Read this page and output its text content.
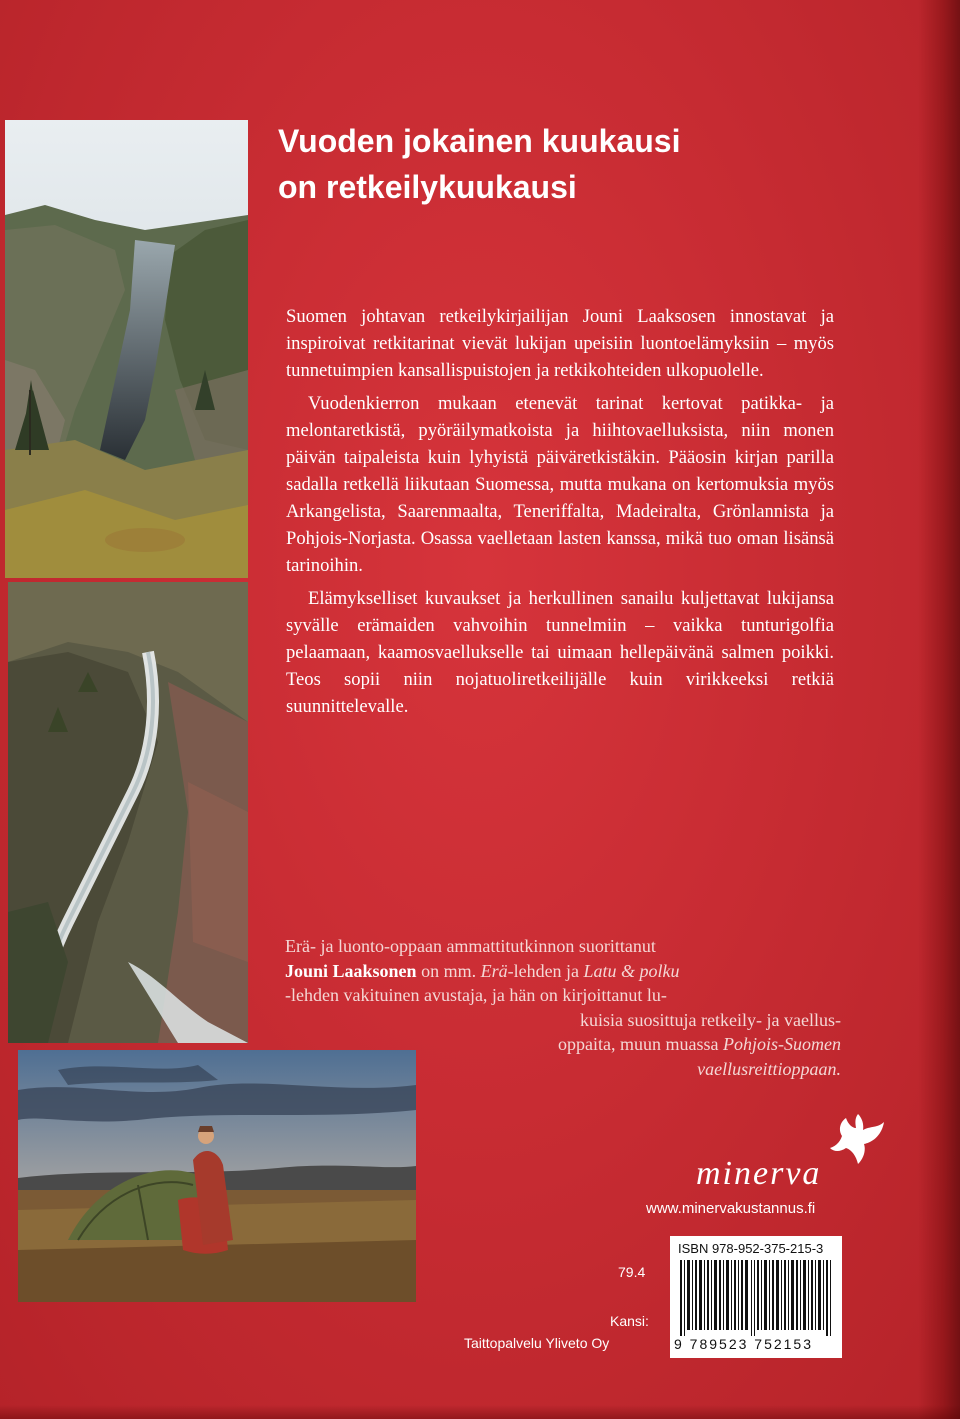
Vuoden jokainen kuukausi
on retkeilykuukausi

Suomen johtavan retkeilykirjailijan Jouni Laaksosen innostavat ja inspiroivat retkitarinat vievät lukijan upeisiin luontoelämyksiin – myös tunnetuimpien kansallispuistojen ja retkikohteiden ulkopuolelle.

Vuodenkierron mukaan etenevät tarinat kertovat patikka- ja melontaretkistä, pyöräilymatkoista ja hiihtovaelluksista, niin monen päivän taipaleista kuin lyhyistä päiväretkistäkin. Pääosin kirjan parilla sadalla retkellä liikutaan Suomessa, mutta mukana on kertomuksia myös Arkangelista, Saarenmaalta, Teneriffalta, Madeiralta, Grönlannista ja Pohjois-Norjasta. Osassa vaelletaan lasten kanssa, mikä tuo oman lisänsä tarinoihin.

Elämykselliset kuvaukset ja herkullinen sanailu kuljettavat lukijansa syvälle erämaiden vahvoihin tunnelmiin – vaikka tunturigolfia pelaamaan, kaamosvaellukselle tai uimaan hellepäivänä salmen poikki. Teos sopii niin nojatuoliretkeilijälle kuin virikkeeksi retkiä suunnittelevalle.

Erä- ja luonto-oppaan ammattitutkinnon suorittanut
Jouni Laaksonen on mm. Erä-lehden ja Latu & polku
-lehden vakituinen avustaja, ja hän on kirjoittanut lu-
kuisia suosittuja retkeily- ja vaellus-
oppaita, muun muassa Pohjois-Suomen
vaellusreittioppaan.
minerva
www.minervakustannus.fi
79.4
Kansi:
Taittopalvelu Yliveto Oy
ISBN 978-952-375-215-3
9 789523 752153
